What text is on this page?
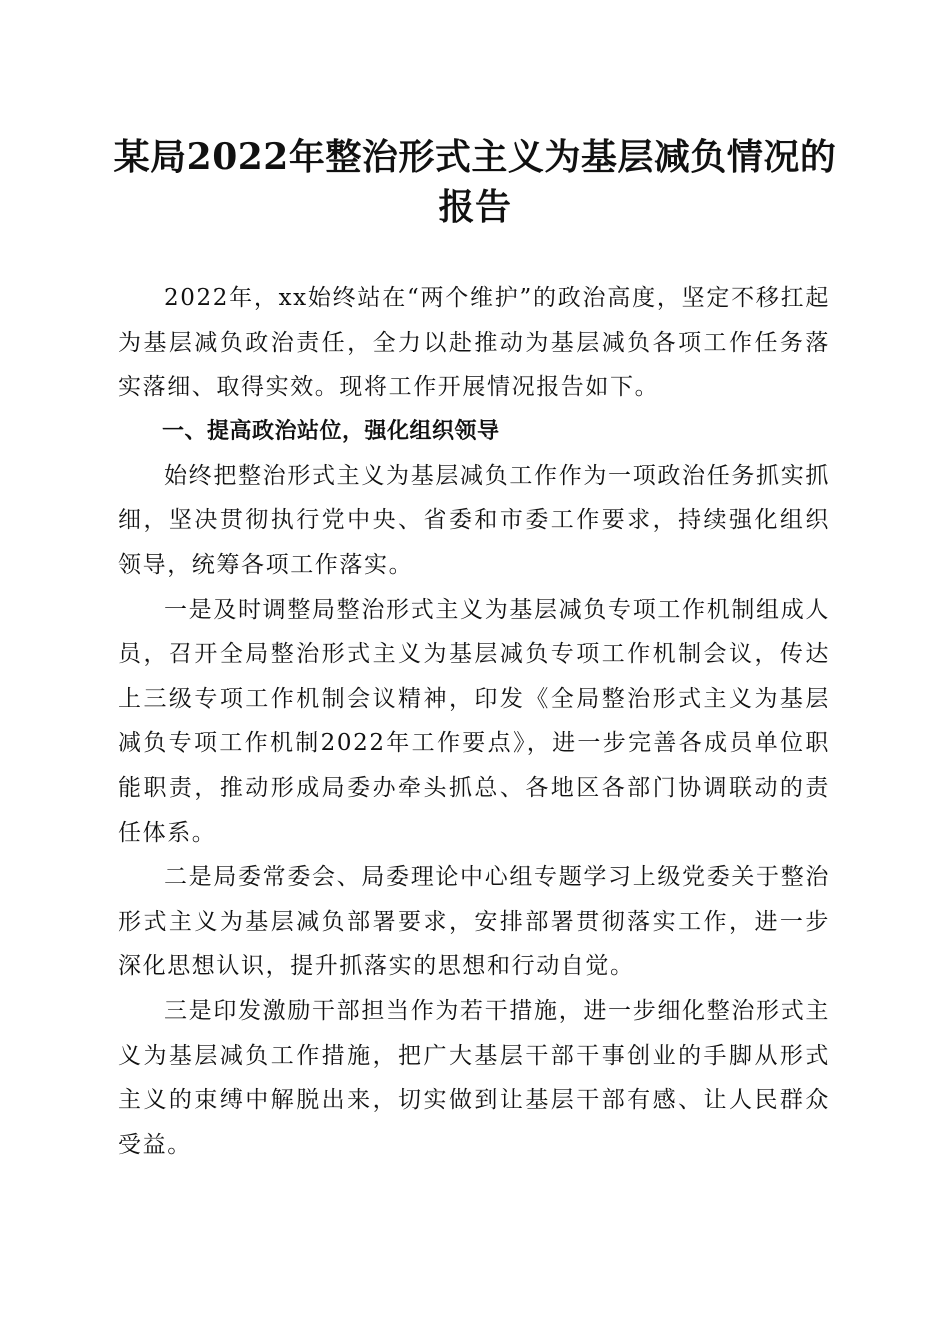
某局2022年整治形式主义为基层减负情况的报告

2022年，xx始终站在“两个维护”的政治高度，坚定不移扛起为基层减负政治责任，全力以赴推动为基层减负各项工作任务落实落细、取得实效。现将工作开展情况报告如下。

一、提高政治站位，强化组织领导

始终把整治形式主义为基层减负工作作为一项政治任务抓实抓细，坚决贯彻执行党中央、省委和市委工作要求，持续强化组织领导，统筹各项工作落实。

一是及时调整局整治形式主义为基层减负专项工作机制组成人员，召开全局整治形式主义为基层减负专项工作机制会议，传达上三级专项工作机制会议精神，印发《全局整治形式主义为基层减负专项工作机制2022年工作要点》，进一步完善各成员单位职能职责，推动形成局委办牵头抓总、各地区各部门协调联动的责任体系。

二是局委常委会、局委理论中心组专题学习上级党委关于整治形式主义为基层减负部署要求，安排部署贯彻落实工作，进一步深化思想认识，提升抓落实的思想和行动自觉。

三是印发激励干部担当作为若干措施，进一步细化整治形式主义为基层减负工作措施，把广大基层干部干事创业的手脚从形式主义的束缚中解脱出来，切实做到让基层干部有感、让人民群众受益。
